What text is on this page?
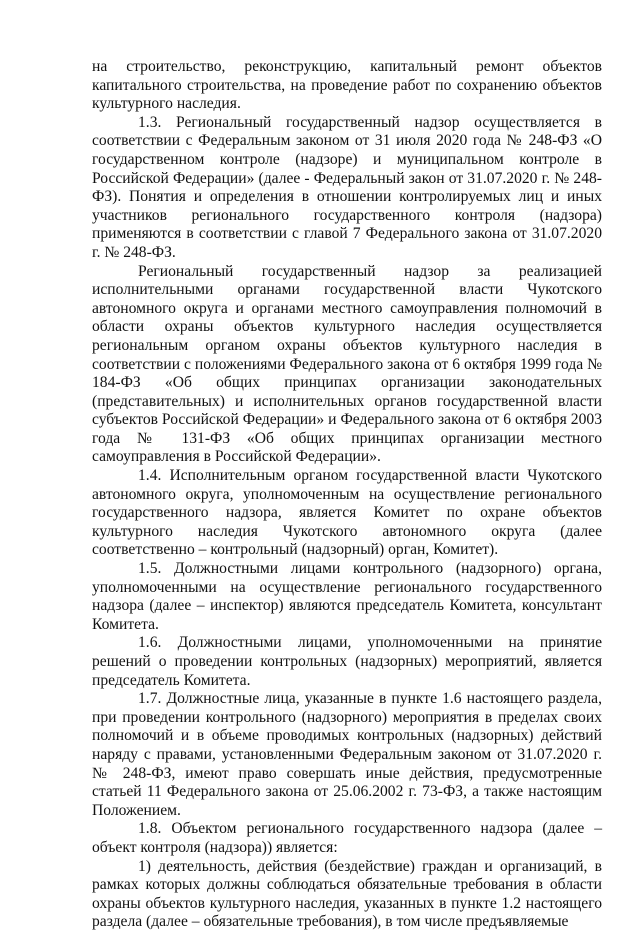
на строительство, реконструкцию, капитальный ремонт объектов капитального строительства, на проведение работ по сохранению объектов культурного наследия.

1.3. Региональный государственный надзор осуществляется в соответствии с Федеральным законом от 31 июля 2020 года № 248-ФЗ «О государственном контроле (надзоре) и муниципальном контроле в Российской Федерации» (далее - Федеральный закон от 31.07.2020 г. № 248-ФЗ). Понятия и определения в отношении контролируемых лиц и иных участников регионального государственного контроля (надзора) применяются в соответствии с главой 7 Федерального закона от 31.07.2020 г. № 248-ФЗ.

Региональный государственный надзор за реализацией исполнительными органами государственной власти Чукотского автономного округа и органами местного самоуправления полномочий в области охраны объектов культурного наследия осуществляется региональным органом охраны объектов культурного наследия в соответствии с положениями Федерального закона от 6 октября 1999 года № 184-ФЗ «Об общих принципах организации законодательных (представительных) и исполнительных органов государственной власти субъектов Российской Федерации» и Федерального закона от 6 октября 2003 года № 131-ФЗ «Об общих принципах организации местного самоуправления в Российской Федерации».

1.4. Исполнительным органом государственной власти Чукотского автономного округа, уполномоченным на осуществление регионального государственного надзора, является Комитет по охране объектов культурного наследия Чукотского автономного округа (далее соответственно – контрольный (надзорный) орган, Комитет).

1.5. Должностными лицами контрольного (надзорного) органа, уполномоченными на осуществление регионального государственного надзора (далее – инспектор) являются председатель Комитета, консультант Комитета.

1.6. Должностными лицами, уполномоченными на принятие решений о проведении контрольных (надзорных) мероприятий, является председатель Комитета.

1.7. Должностные лица, указанные в пункте 1.6 настоящего раздела, при проведении контрольного (надзорного) мероприятия в пределах своих полномочий и в объеме проводимых контрольных (надзорных) действий наряду с правами, установленными Федеральным законом от 31.07.2020 г. № 248-ФЗ, имеют право совершать иные действия, предусмотренные статьей 11 Федерального закона от 25.06.2002 г. 73-ФЗ, а также настоящим Положением.

1.8. Объектом регионального государственного надзора (далее – объект контроля (надзора)) является:

1) деятельность, действия (бездействие) граждан и организаций, в рамках которых должны соблюдаться обязательные требования в области охраны объектов культурного наследия, указанных в пункте 1.2 настоящего раздела (далее – обязательные требования), в том числе предъявляемые
